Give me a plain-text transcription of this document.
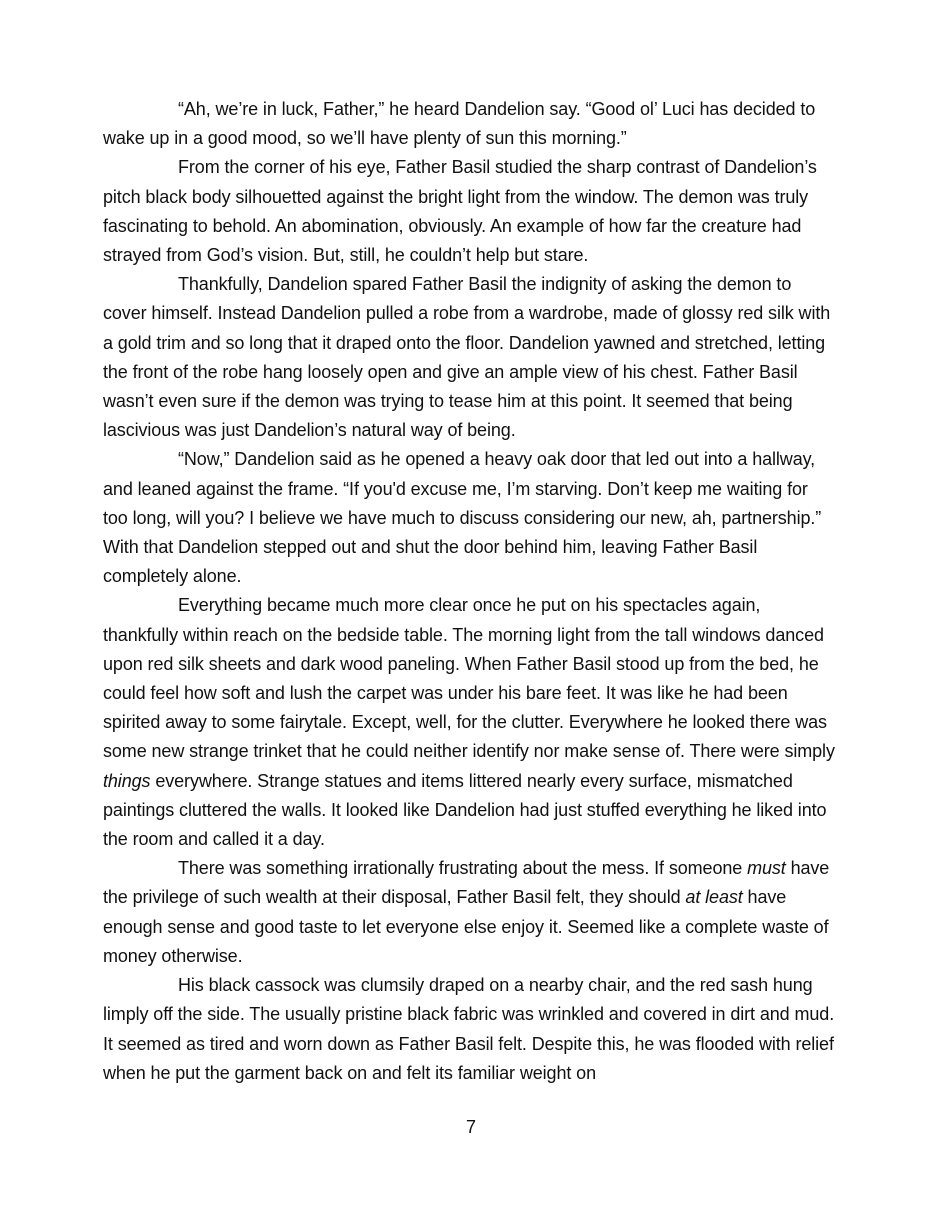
“Ah, we’re in luck, Father,” he heard Dandelion say. “Good ol’ Luci has decided to wake up in a good mood, so we’ll have plenty of sun this morning.”

From the corner of his eye, Father Basil studied the sharp contrast of Dandelion’s pitch black body silhouetted against the bright light from the window. The demon was truly fascinating to behold. An abomination, obviously. An example of how far the creature had strayed from God’s vision. But, still, he couldn’t help but stare.

Thankfully, Dandelion spared Father Basil the indignity of asking the demon to cover himself. Instead Dandelion pulled a robe from a wardrobe, made of glossy red silk with a gold trim and so long that it draped onto the floor. Dandelion yawned and stretched, letting the front of the robe hang loosely open and give an ample view of his chest. Father Basil wasn’t even sure if the demon was trying to tease him at this point. It seemed that being lascivious was just Dandelion’s natural way of being.

“Now,” Dandelion said as he opened a heavy oak door that led out into a hallway, and leaned against the frame. “If you'd excuse me, I’m starving. Don’t keep me waiting for too long, will you? I believe we have much to discuss considering our new, ah, partnership.” With that Dandelion stepped out and shut the door behind him, leaving Father Basil completely alone.

Everything became much more clear once he put on his spectacles again, thankfully within reach on the bedside table. The morning light from the tall windows danced upon red silk sheets and dark wood paneling. When Father Basil stood up from the bed, he could feel how soft and lush the carpet was under his bare feet. It was like he had been spirited away to some fairytale. Except, well, for the clutter. Everywhere he looked there was some new strange trinket that he could neither identify nor make sense of. There were simply things everywhere. Strange statues and items littered nearly every surface, mismatched paintings cluttered the walls. It looked like Dandelion had just stuffed everything he liked into the room and called it a day.

There was something irrationally frustrating about the mess. If someone must have the privilege of such wealth at their disposal, Father Basil felt, they should at least have enough sense and good taste to let everyone else enjoy it. Seemed like a complete waste of money otherwise.

His black cassock was clumsily draped on a nearby chair, and the red sash hung limply off the side. The usually pristine black fabric was wrinkled and covered in dirt and mud. It seemed as tired and worn down as Father Basil felt. Despite this, he was flooded with relief when he put the garment back on and felt its familiar weight on

7
